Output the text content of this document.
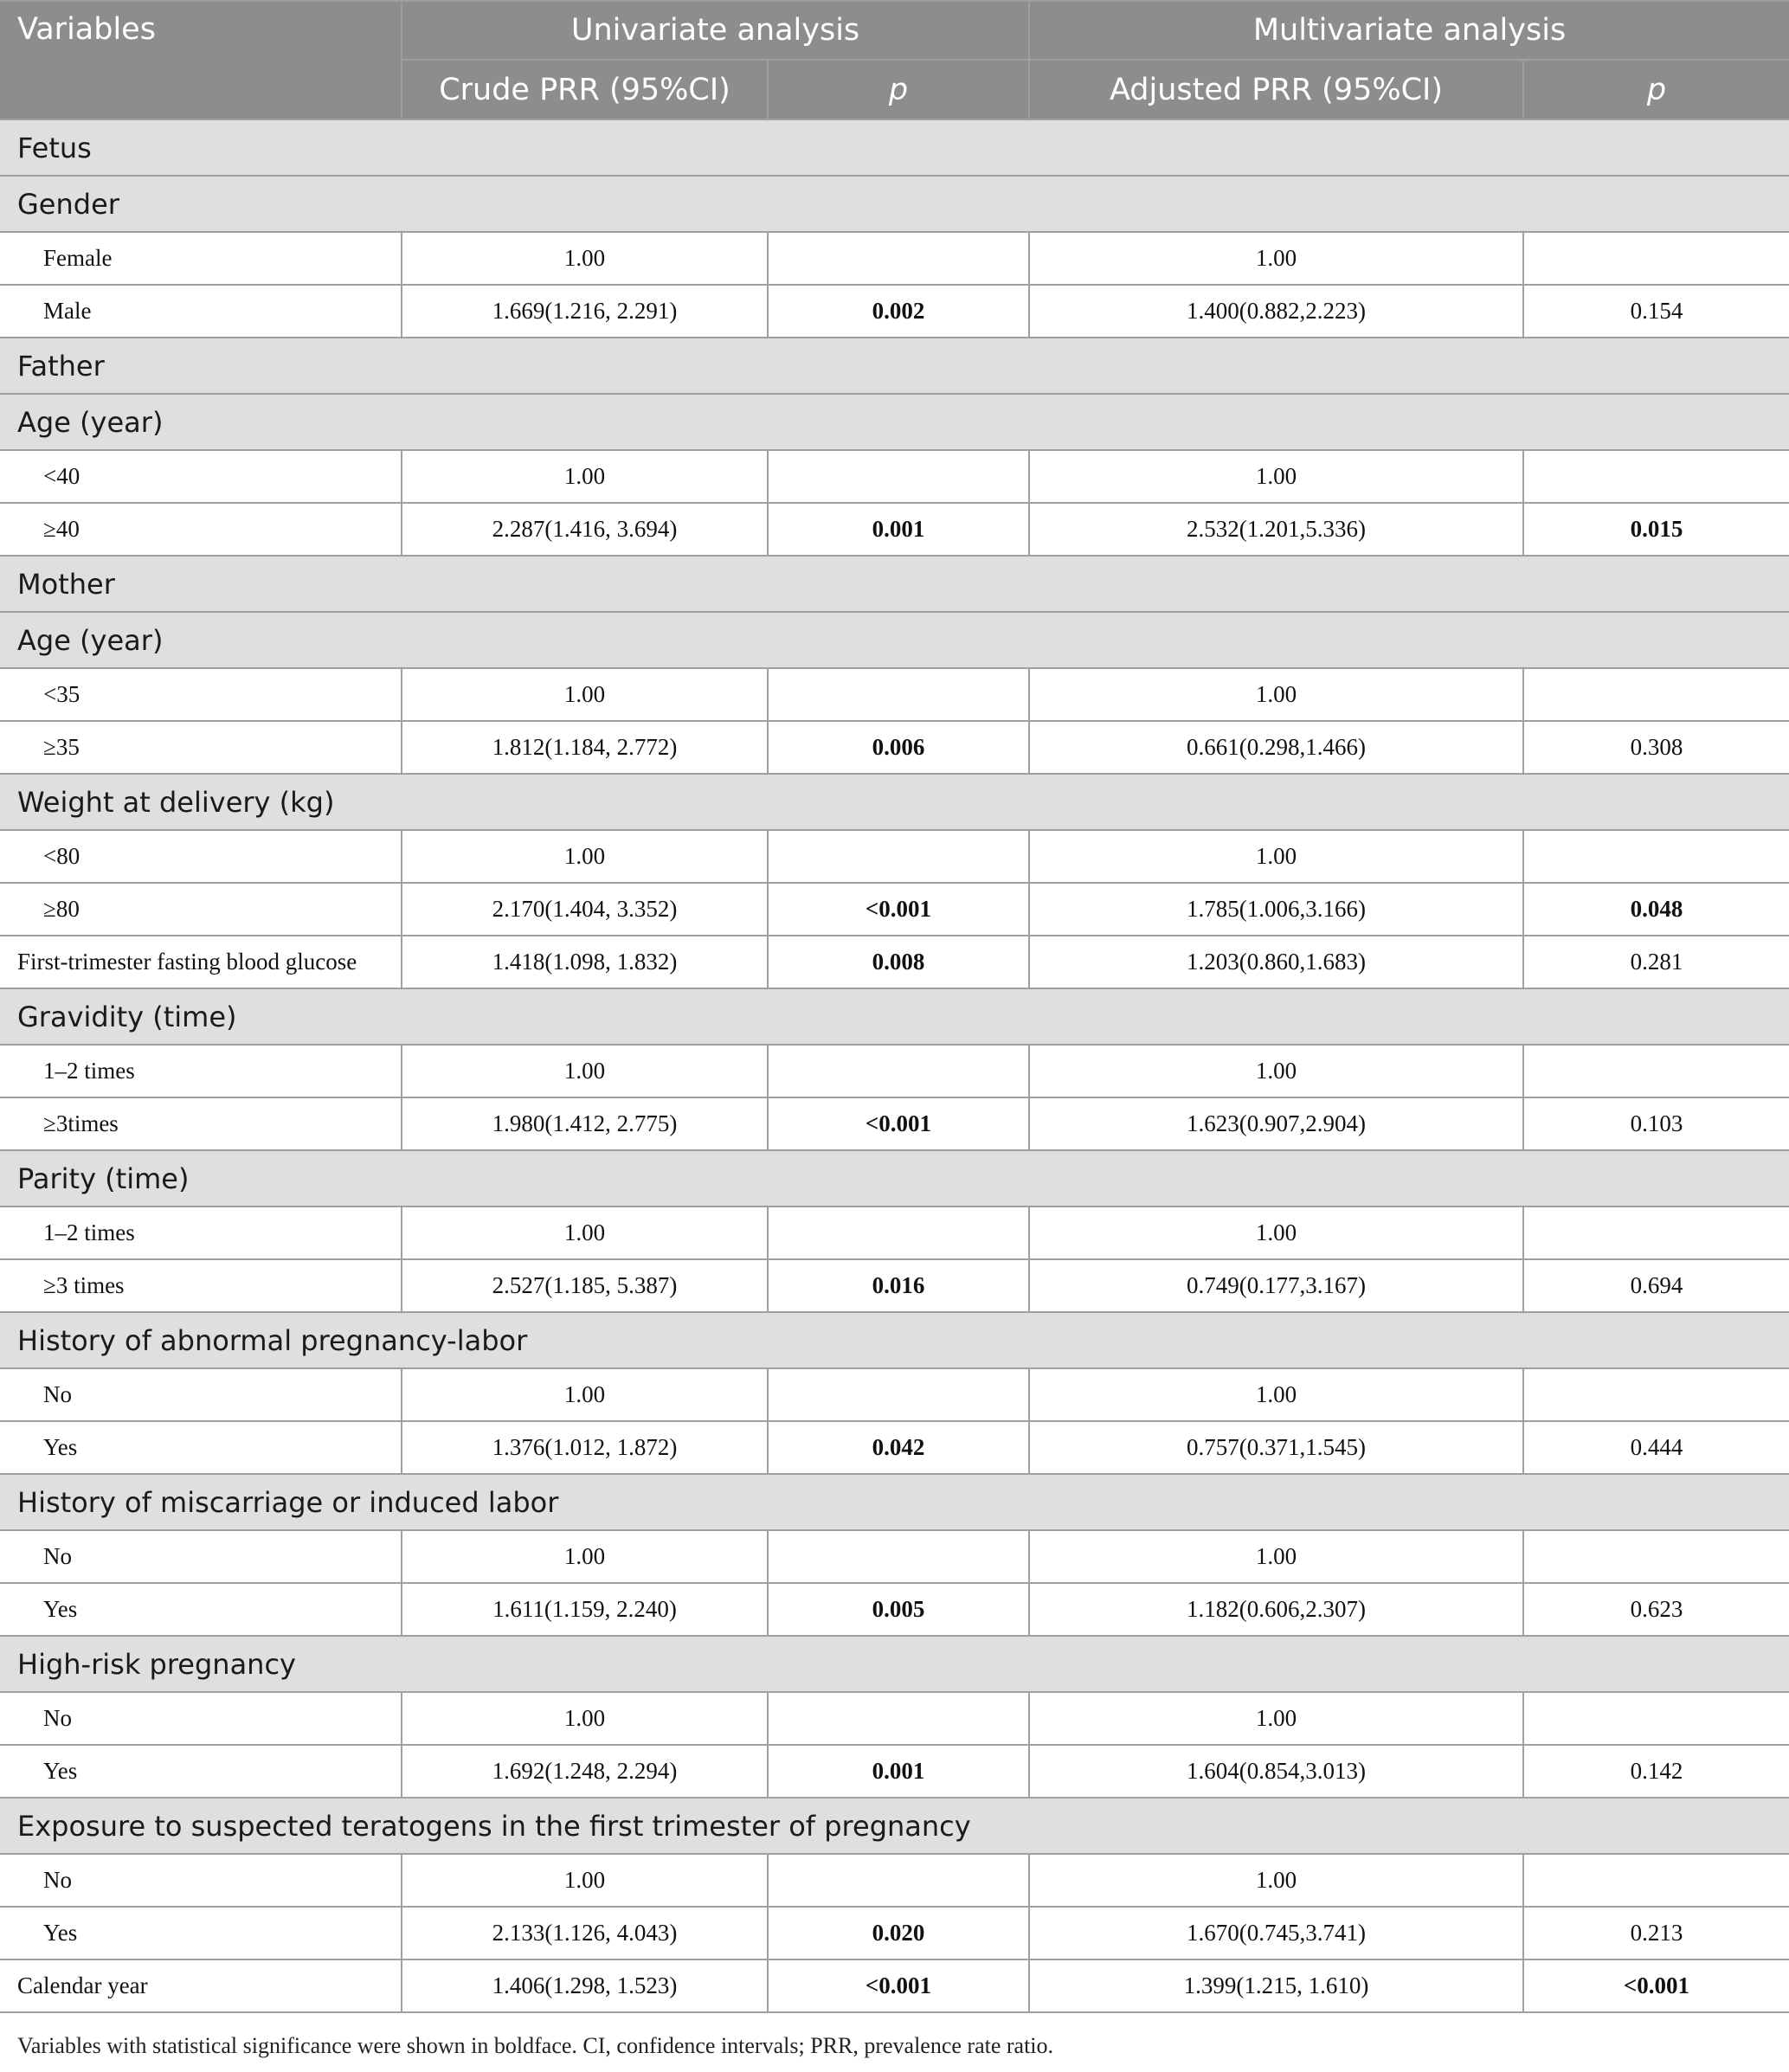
Variables	Univariate analysis		Multivariate analysis	
	Crude PRR (95%CI)	p	Adjusted PRR (95%CI)	p
Fetus				
Gender				
Female	1.00		1.00	
Male	1.669(1.216, 2.291)	0.002	1.400(0.882,2.223)	0.154
Father				
Age (year)				
<40	1.00		1.00	
≥40	2.287(1.416, 3.694)	0.001	2.532(1.201,5.336)	0.015
Mother				
Age (year)				
<35	1.00		1.00	
≥35	1.812(1.184, 2.772)	0.006	0.661(0.298,1.466)	0.308
Weight at delivery (kg)				
<80	1.00		1.00	
≥80	2.170(1.404, 3.352)	<0.001	1.785(1.006,3.166)	0.048
First-trimester fasting blood glucose	1.418(1.098, 1.832)	0.008	1.203(0.860,1.683)	0.281
Gravidity (time)				
1–2 times	1.00		1.00	
≥3times	1.980(1.412, 2.775)	<0.001	1.623(0.907,2.904)	0.103
Parity (time)				
1–2 times	1.00		1.00	
≥3 times	2.527(1.185, 5.387)	0.016	0.749(0.177,3.167)	0.694
History of abnormal pregnancy-labor				
No	1.00		1.00	
Yes	1.376(1.012, 1.872)	0.042	0.757(0.371,1.545)	0.444
History of miscarriage or induced labor				
No	1.00		1.00	
Yes	1.611(1.159, 2.240)	0.005	1.182(0.606,2.307)	0.623
High-risk pregnancy				
No	1.00		1.00	
Yes	1.692(1.248, 2.294)	0.001	1.604(0.854,3.013)	0.142
Exposure to suspected teratogens in the first trimester of pregnancy				
No	1.00		1.00	
Yes	2.133(1.126, 4.043)	0.020	1.670(0.745,3.741)	0.213
Calendar year	1.406(1.298, 1.523)	<0.001	1.399(1.215, 1.610)	<0.001
Variables with statistical significance were shown in boldface. CI, confidence intervals; PRR, prevalence rate ratio.
